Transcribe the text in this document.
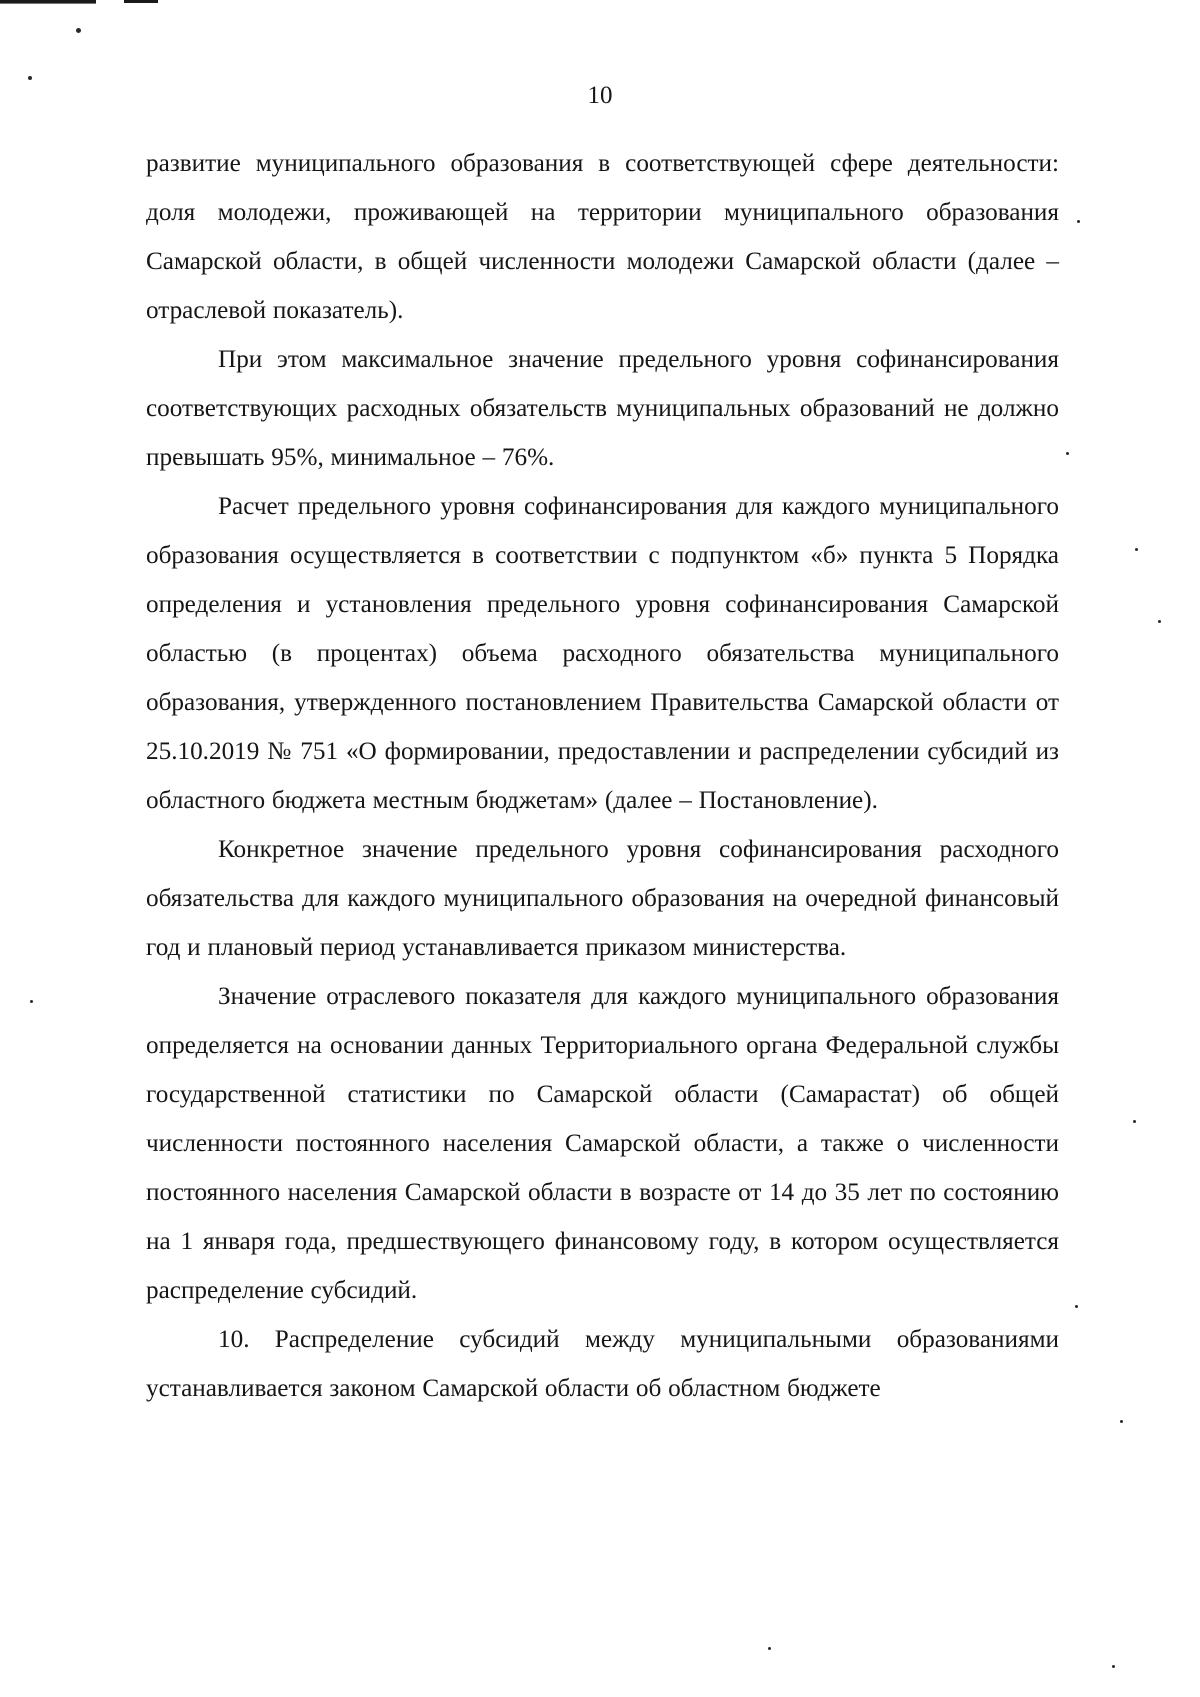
10

развитие муниципального образования в соответствующей сфере деятельности: доля молодежи, проживающей на территории муниципального образования Самарской области, в общей численности молодежи Самарской области (далее – отраслевой показатель).

При этом максимальное значение предельного уровня софинансирования соответствующих расходных обязательств муниципальных образований не должно превышать 95%, минимальное – 76%.

Расчет предельного уровня софинансирования для каждого муниципального образования осуществляется в соответствии с подпунктом «б» пункта 5 Порядка определения и установления предельного уровня софинансирования Самарской областью (в процентах) объема расходного обязательства муниципального образования, утвержденного постановлением Правительства Самарской области от 25.10.2019 № 751 «О формировании, предоставлении и распределении субсидий из областного бюджета местным бюджетам» (далее – Постановление).

Конкретное значение предельного уровня софинансирования расходного обязательства для каждого муниципального образования на очередной финансовый год и плановый период устанавливается приказом министерства.

Значение отраслевого показателя для каждого муниципального образования определяется на основании данных Территориального органа Федеральной службы государственной статистики по Самарской области (Самарастат) об общей численности постоянного населения Самарской области, а также о численности постоянного населения Самарской области в возрасте от 14 до 35 лет по состоянию на 1 января года, предшествующего финансовому году, в котором осуществляется распределение субсидий.

10. Распределение субсидий между муниципальными образованиями устанавливается законом Самарской области об областном бюджете
